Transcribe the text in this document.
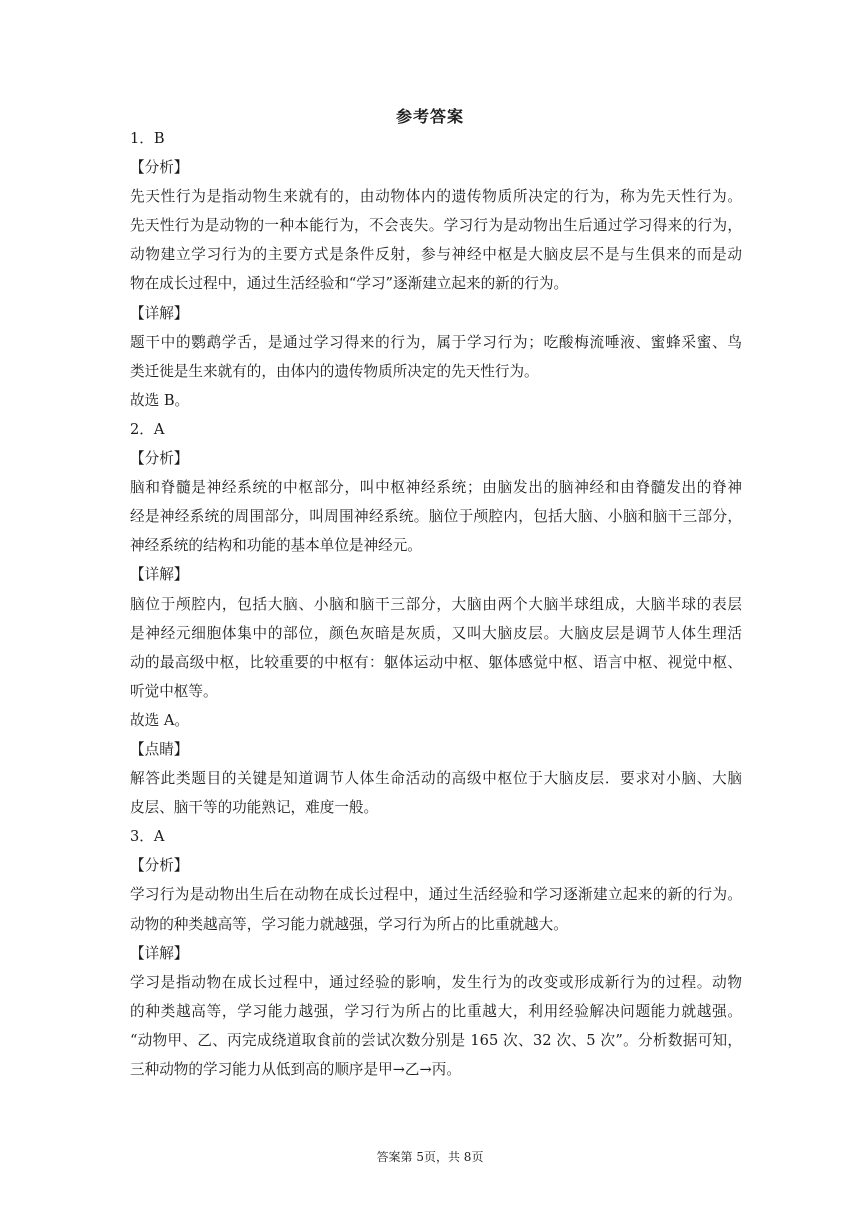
参考答案
1．B
【分析】
先天性行为是指动物生来就有的，由动物体内的遗传物质所决定的行为，称为先天性行为。
先天性行为是动物的一种本能行为，不会丧失。学习行为是动物出生后通过学习得来的行为，
动物建立学习行为的主要方式是条件反射，参与神经中枢是大脑皮层不是与生俱来的而是动
物在成长过程中，通过生活经验和“学习”逐渐建立起来的新的行为。
【详解】
题干中的鹦鹉学舌，是通过学习得来的行为，属于学习行为；吃酸梅流唾液、蜜蜂采蜜、鸟
类迁徙是生来就有的，由体内的遗传物质所决定的先天性行为。
故选 B。
2．A
【分析】
脑和脊髓是神经系统的中枢部分，叫中枢神经系统；由脑发出的脑神经和由脊髓发出的脊神
经是神经系统的周围部分，叫周围神经系统。脑位于颅腔内，包括大脑、小脑和脑干三部分，
神经系统的结构和功能的基本单位是神经元。
【详解】
脑位于颅腔内，包括大脑、小脑和脑干三部分，大脑由两个大脑半球组成，大脑半球的表层
是神经元细胞体集中的部位，颜色灰暗是灰质，又叫大脑皮层。大脑皮层是调节人体生理活
动的最高级中枢，比较重要的中枢有：躯体运动中枢、躯体感觉中枢、语言中枢、视觉中枢、
听觉中枢等。
故选 A。
【点睛】
解答此类题目的关键是知道调节人体生命活动的高级中枢位于大脑皮层．要求对小脑、大脑
皮层、脑干等的功能熟记，难度一般。
3．A
【分析】
学习行为是动物出生后在动物在成长过程中，通过生活经验和学习逐渐建立起来的新的行为。
动物的种类越高等，学习能力就越强，学习行为所占的比重就越大。
【详解】
学习是指动物在成长过程中，通过经验的影响，发生行为的改变或形成新行为的过程。动物
的种类越高等，学习能力越强，学习行为所占的比重越大，利用经验解决问题能力就越强。
“动物甲、乙、丙完成绕道取食前的尝试次数分别是 165 次、32 次、5 次”。分析数据可知，
三种动物的学习能力从低到高的顺序是甲→乙→丙。
答案第 5页，共 8页
